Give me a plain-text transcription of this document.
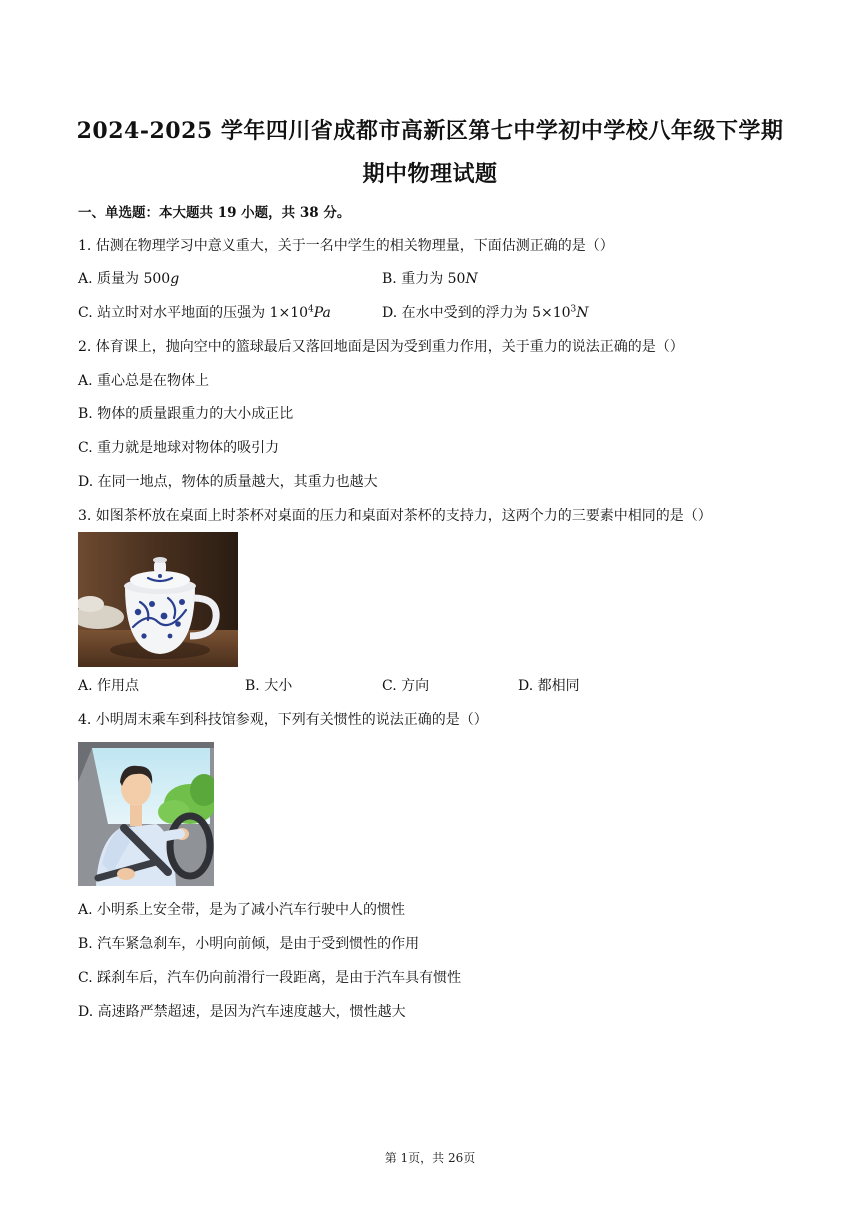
2024-2025 学年四川省成都市高新区第七中学初中学校八年级下学期
期中物理试题
一、单选题：本大题共 19 小题，共 38 分。
1. 估测在物理学习中意义重大，关于一名中学生的相关物理量，下面估测正确的是（）
A. 质量为 500g	B. 重力为 50N
C. 站立时对水平地面的压强为 $1\times 10^4Pa$	D. 在水中受到的浮力为 $5\times 10^3N$
2. 体育课上，抛向空中的篮球最后又落回地面是因为受到重力作用，关于重力的说法正确的是（）
A. 重心总是在物体上
B. 物体的质量跟重力的大小成正比
C. 重力就是地球对物体的吸引力
D. 在同一地点，物体的质量越大，其重力也越大
3. 如图茶杯放在桌面上时茶杯对桌面的压力和桌面对茶杯的支持力，这两个力的三要素中相同的是（）
A. 作用点	B. 大小	C. 方向	D. 都相同
4. 小明周末乘车到科技馆参观，下列有关惯性的说法正确的是（）
A. 小明系上安全带，是为了减小汽车行驶中人的惯性
B. 汽车紧急刹车，小明向前倾，是由于受到惯性的作用
C. 踩刹车后，汽车仍向前滑行一段距离，是由于汽车具有惯性
D. 高速路严禁超速，是因为汽车速度越大，惯性越大
第 1页，共 26页
